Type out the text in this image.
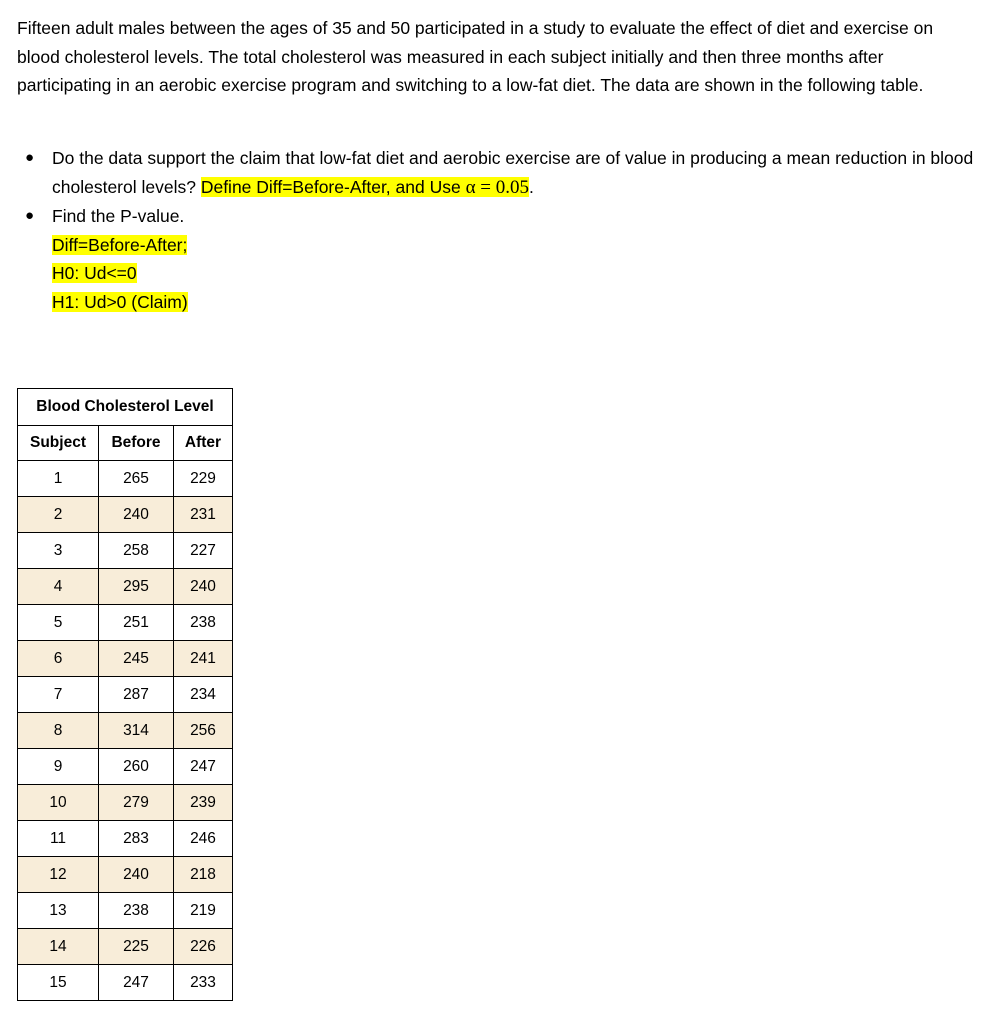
Fifteen adult males between the ages of 35 and 50 participated in a study to evaluate the effect of diet and exercise on blood cholesterol levels. The total cholesterol was measured in each subject initially and then three months after participating in an aerobic exercise program and switching to a low-fat diet. The data are shown in the following table.

● Do the data support the claim that low-fat diet and aerobic exercise are of value in producing a mean reduction in blood cholesterol levels? Define Diff=Before-After, and Use α = 0.05.
● Find the P-value.
Diff=Before-After;
H0: Ud<=0
H1: Ud>0 (Claim)
Blood Cholesterol Level		
Subject	Before	After
1	265	229
2	240	231
3	258	227
4	295	240
5	251	238
6	245	241
7	287	234
8	314	256
9	260	247
10	279	239
11	283	246
12	240	218
13	238	219
14	225	226
15	247	233
